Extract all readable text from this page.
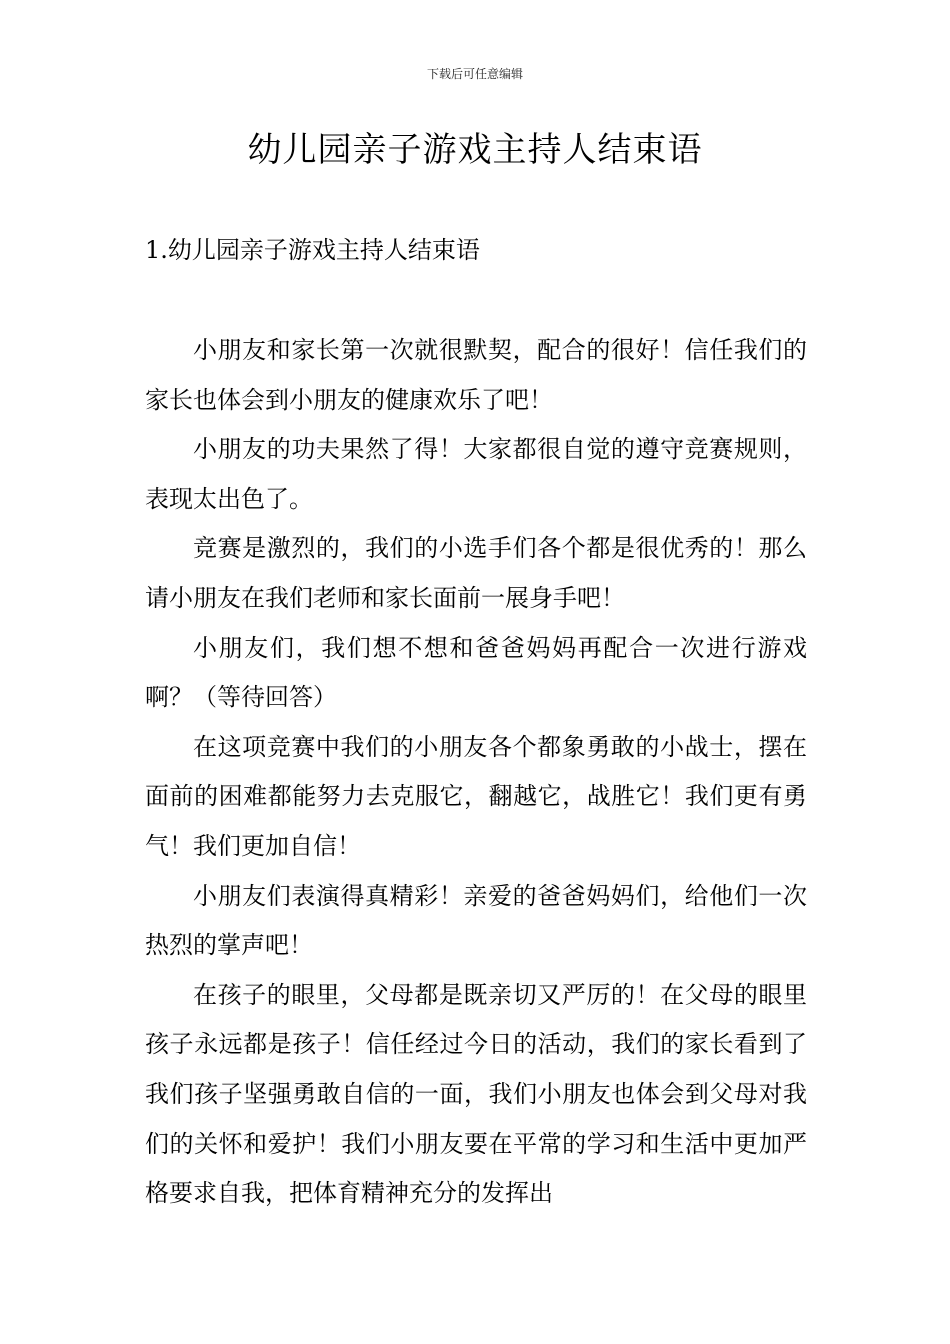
下载后可任意编辑
幼儿园亲子游戏主持人结束语
1.幼儿园亲子游戏主持人结束语

小朋友和家长第一次就很默契，配合的很好！信任我们的家长也体会到小朋友的健康欢乐了吧！

小朋友的功夫果然了得！大家都很自觉的遵守竞赛规则，表现太出色了。

竞赛是激烈的，我们的小选手们各个都是很优秀的！那么请小朋友在我们老师和家长面前一展身手吧！

小朋友们，我们想不想和爸爸妈妈再配合一次进行游戏啊？（等待回答）

在这项竞赛中我们的小朋友各个都象勇敢的小战士，摆在面前的困难都能努力去克服它，翻越它，战胜它！我们更有勇气！我们更加自信！

小朋友们表演得真精彩！亲爱的爸爸妈妈们，给他们一次热烈的掌声吧！

在孩子的眼里，父母都是既亲切又严厉的！在父母的眼里孩子永远都是孩子！信任经过今日的活动，我们的家长看到了我们孩子坚强勇敢自信的一面，我们小朋友也体会到父母对我们的关怀和爱护！我们小朋友要在平常的学习和生活中更加严格要求自我，把体育精神充分的发挥出
